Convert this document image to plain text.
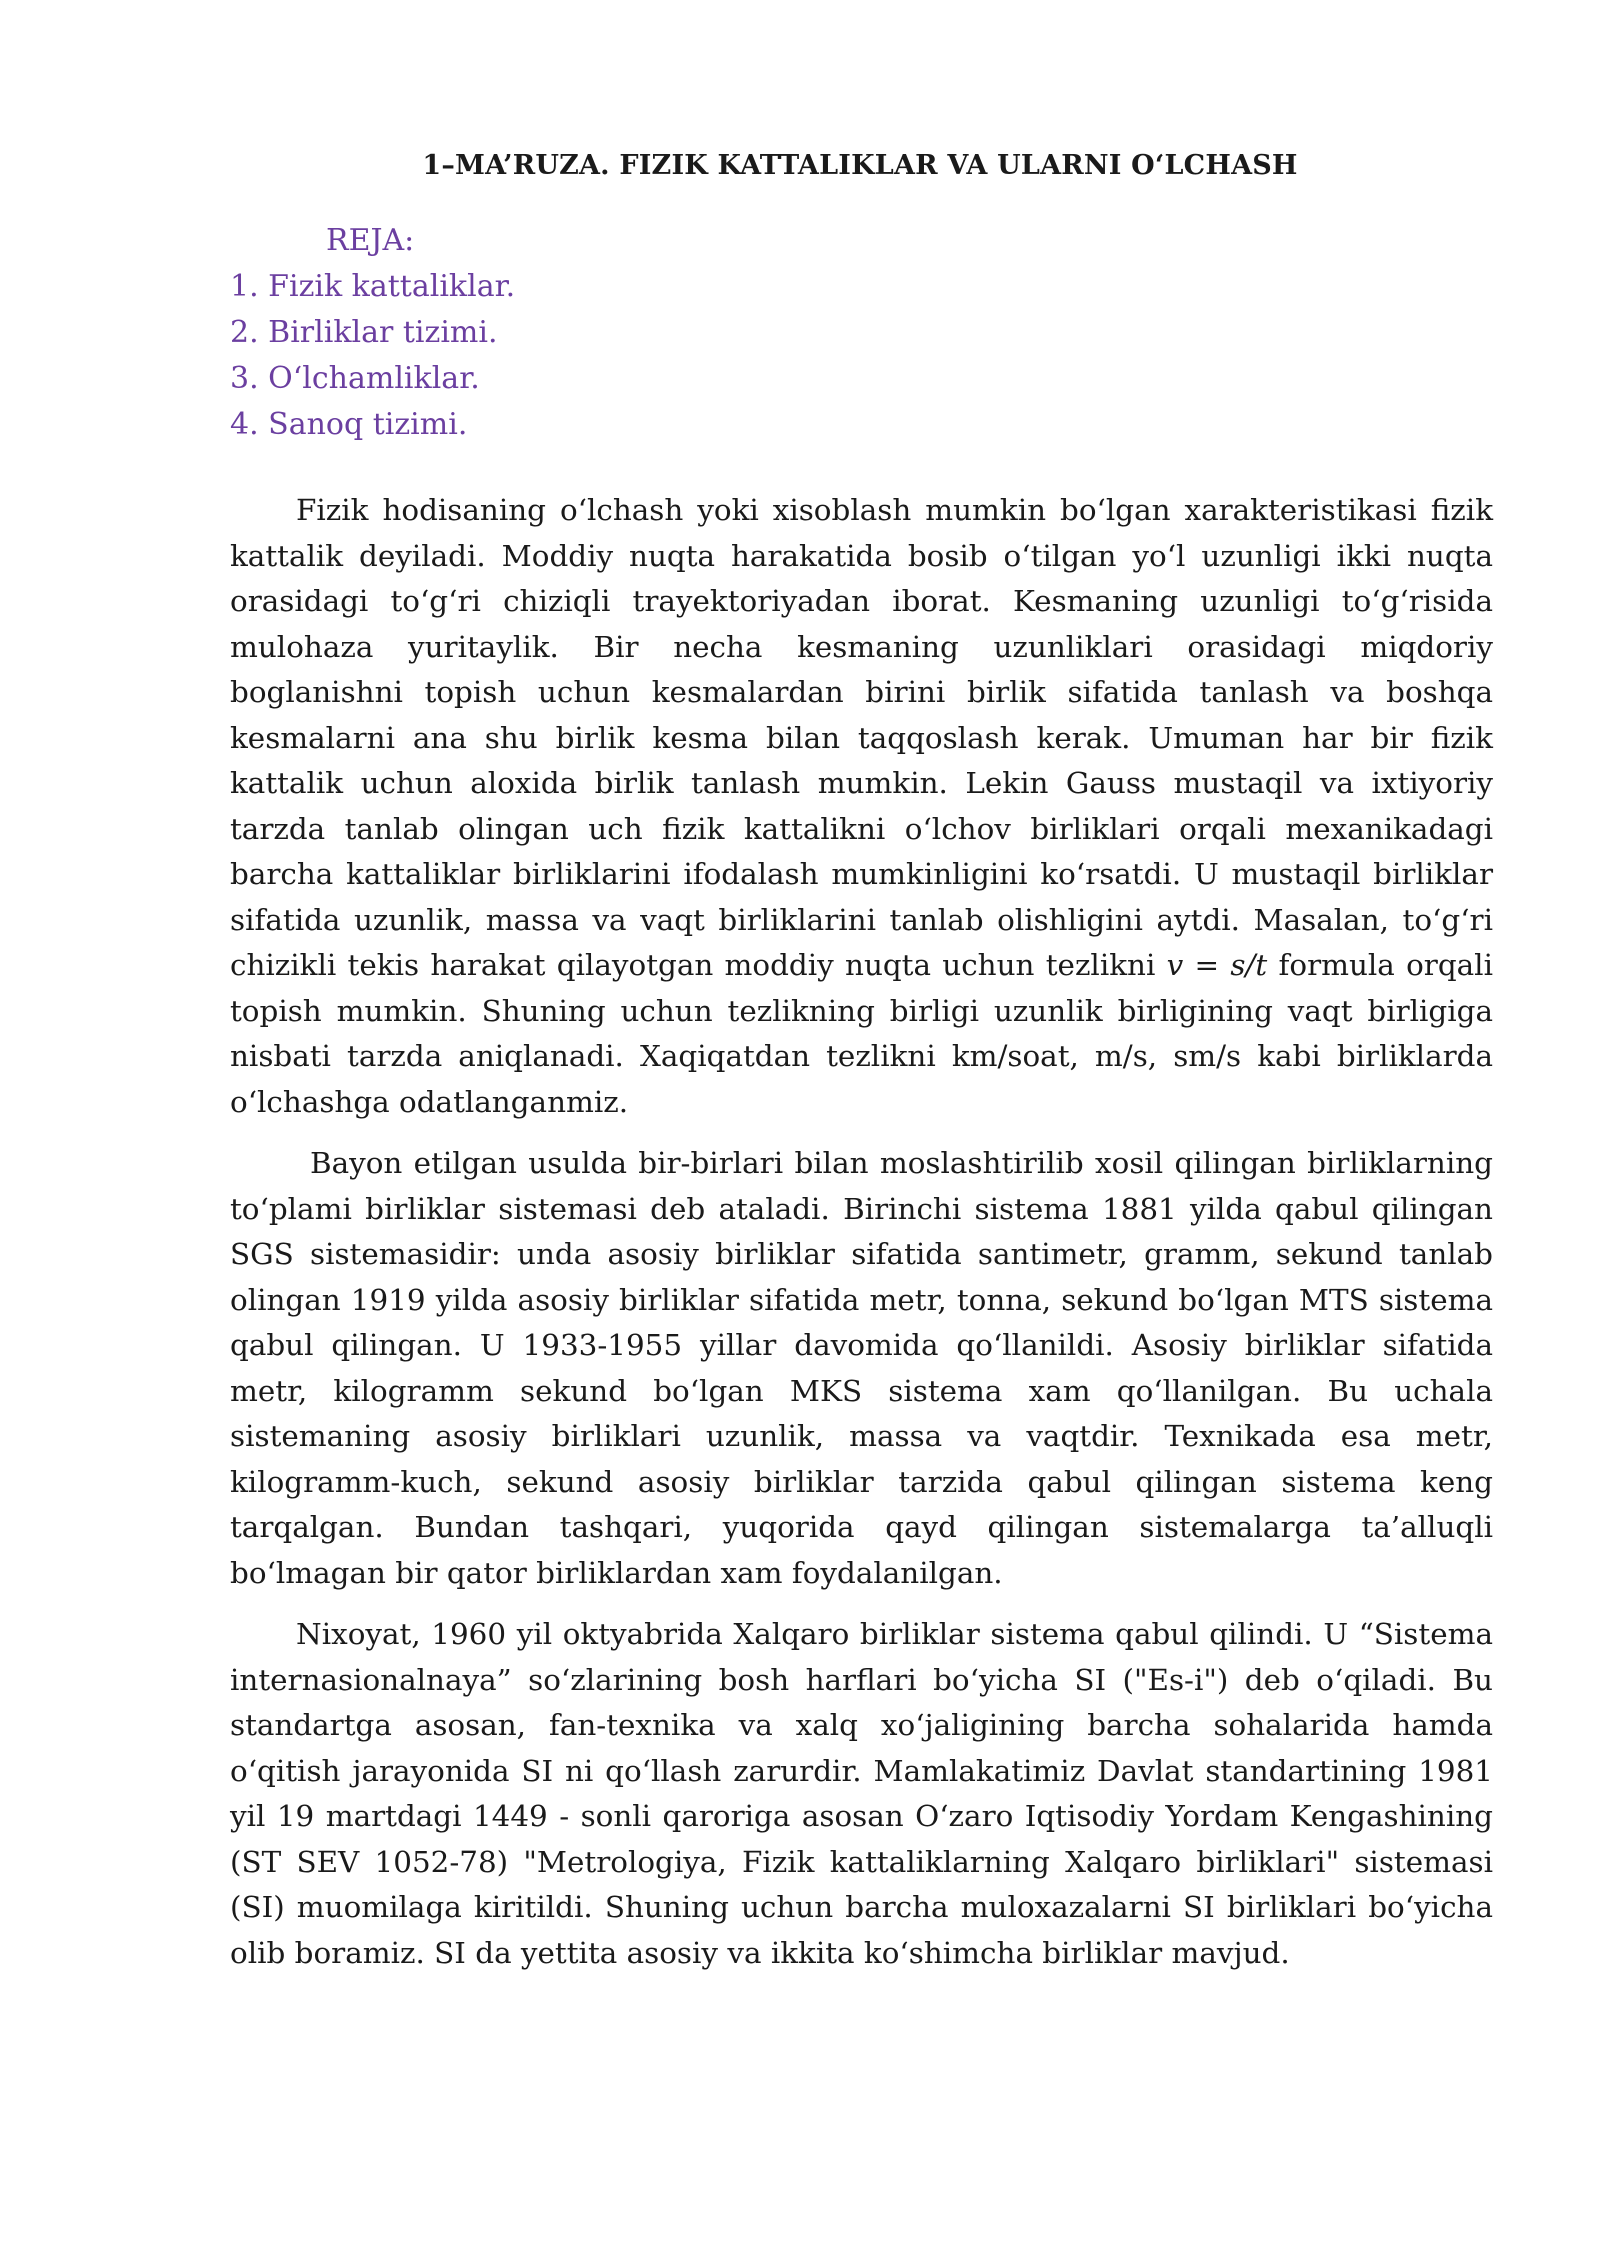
1–MA’RUZA. FIZIK KATTALIKLAR VA ULARNI O‘LCHASH
REJA:
1. Fizik kattaliklar.
2. Birliklar tizimi.
3. O‘lchamliklar.
4. Sanoq tizimi.

Fizik hodisaning o‘lchash yoki xisoblash mumkin bo‘lgan xarakteristikasi fizik kattalik deyiladi. Moddiy nuqta harakatida bosib o‘tilgan yo‘l uzunligi ikki nuqta orasidagi to‘g‘ri chiziqli trayektoriyadan iborat. Kesmaning uzunligi to‘g‘risida mulohaza yuritaylik. Bir necha kesmaning uzunliklari orasidagi miqdoriy boglanishni topish uchun kesmalardan birini birlik sifatida tanlash va boshqa kesmalarni ana shu birlik kesma bilan taqqoslash kerak. Umuman har bir fizik kattalik uchun aloxida birlik tanlash mumkin. Lekin Gauss mustaqil va ixtiyoriy tarzda tanlab olingan uch fizik kattalikni o‘lchov birliklari orqali mexanikadagi barcha kattaliklar birliklarini ifodalash mumkinligini ko‘rsatdi. U mustaqil birliklar sifatida uzunlik, massa va vaqt birliklarini tanlab olishligini aytdi. Masalan, to‘g‘ri chizikli tekis harakat qilayotgan moddiy nuqta uchun tezlikni v = s/t formula orqali topish mumkin. Shuning uchun tezlikning birligi uzunlik birligining vaqt birligiga nisbati tarzda aniqlanadi. Xaqiqatdan tezlikni km/soat, m/s, sm/s kabi birliklarda o‘lchashga odatlanganmiz.

Bayon etilgan usulda bir-birlari bilan moslashtirilib xosil qilingan birliklarning to‘plami birliklar sistemasi deb ataladi. Birinchi sistema 1881 yilda qabul qilingan SGS sistemasidir: unda asosiy birliklar sifatida santimetr, gramm, sekund tanlab olingan 1919 yilda asosiy birliklar sifatida metr, tonna, sekund bo‘lgan MTS sistema qabul qilingan. U 1933-1955 yillar davomida qo‘llanildi. Asosiy birliklar sifatida metr, kilogramm sekund bo‘lgan MKS sistema xam qo‘llanilgan. Bu uchala sistemaning asosiy birliklari uzunlik, massa va vaqtdir. Texnikada esa metr, kilogramm-kuch, sekund asosiy birliklar tarzida qabul qilingan sistema keng tarqalgan. Bundan tashqari, yuqorida qayd qilingan sistemalarga ta’alluqli bo‘lmagan bir qator birliklardan xam foydalanilgan.

Nixoyat, 1960 yil oktyabrida Xalqaro birliklar sistema qabul qilindi. U “Sistema internasionalnaya” so‘zlarining bosh harflari bo‘yicha SI ("Es-i") deb o‘qiladi. Bu standartga asosan, fan-texnika va xalq xo‘jaligining barcha sohalarida hamda o‘qitish jarayonida SI ni qo‘llash zarurdir. Mamlakatimiz Davlat standartining 1981 yil 19 martdagi 1449 - sonli qaroriga asosan O‘zaro Iqtisodiy Yordam Kengashining (ST SEV 1052-78) "Metrologiya, Fizik kattaliklarning Xalqaro birliklari" sistemasi (SI) muomilaga kiritildi. Shuning uchun barcha muloxazalarni SI birliklari bo‘yicha olib boramiz. SI da yettita asosiy va ikkita ko‘shimcha birliklar mavjud.
